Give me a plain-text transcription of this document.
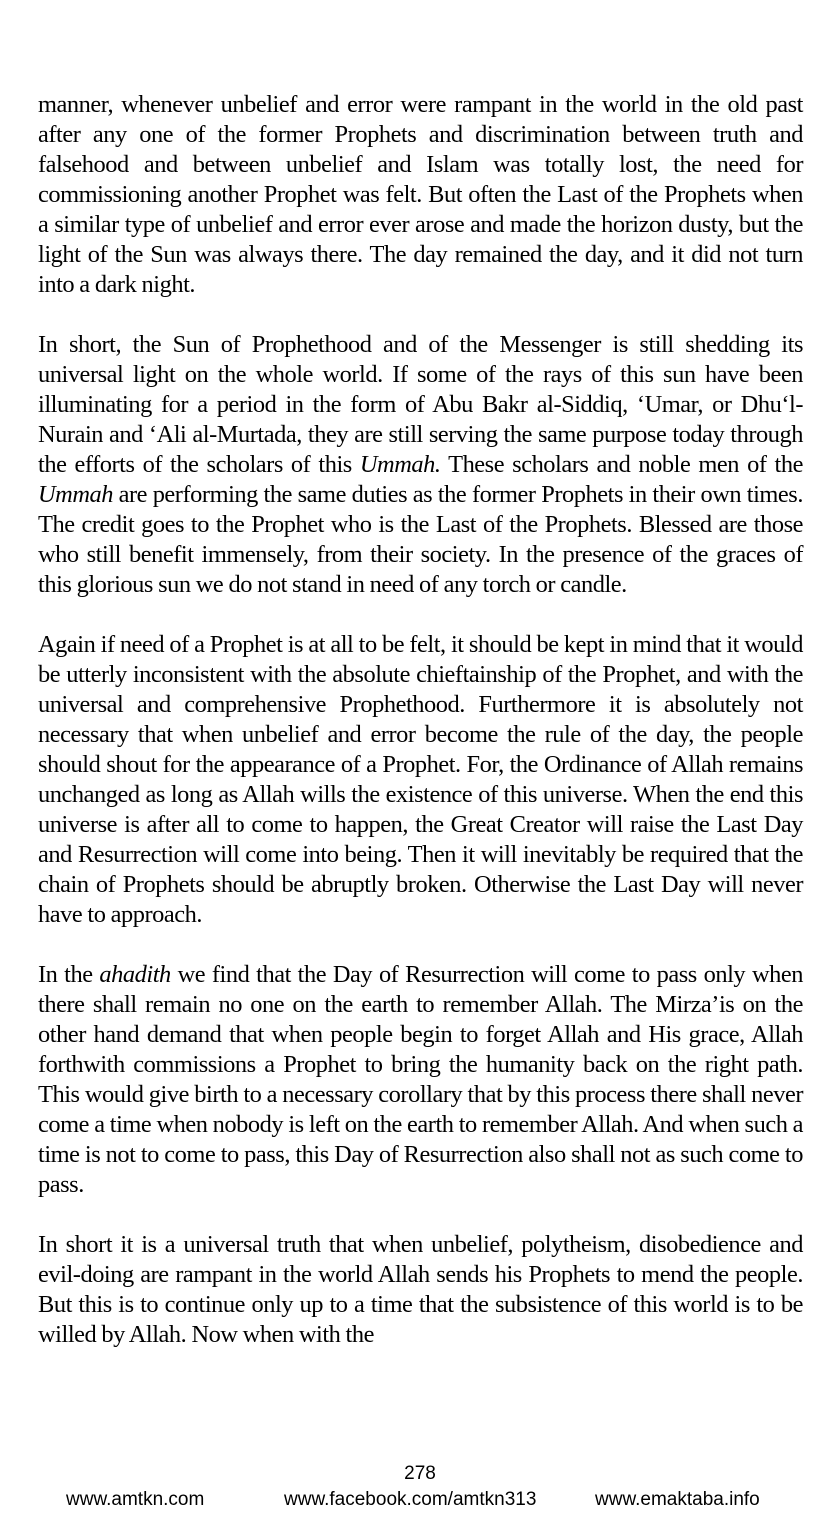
manner, whenever unbelief and error were rampant in the world in the old past after any one of the former Prophets and discrimination between truth and falsehood and between unbelief and Islam was totally lost, the need for commissioning another Prophet was felt. But often the Last of the Prophets when a similar type of unbelief and error ever arose and made the horizon dusty, but the light of the Sun was always there. The day remained the day, and it did not turn into a dark night.

In short, the Sun of Prophethood and of the Messenger is still shedding its universal light on the whole world. If some of the rays of this sun have been illuminating for a period in the form of Abu Bakr al-Siddiq, ‘Umar, or Dhu‘l-Nurain and ‘Ali al-Murtada, they are still serving the same purpose today through the efforts of the scholars of this Ummah. These scholars and noble men of the Ummah are performing the same duties as the former Prophets in their own times. The credit goes to the Prophet who is the Last of the Prophets. Blessed are those who still benefit immensely, from their society. In the presence of the graces of this glorious sun we do not stand in need of any torch or candle.

Again if need of a Prophet is at all to be felt, it should be kept in mind that it would be utterly inconsistent with the absolute chieftainship of the Prophet, and with the universal and comprehensive Prophethood. Furthermore it is absolutely not necessary that when unbelief and error become the rule of the day, the people should shout for the appearance of a Prophet. For, the Ordinance of Allah remains unchanged as long as Allah wills the existence of this universe. When the end this universe is after all to come to happen, the Great Creator will raise the Last Day and Resurrection will come into being. Then it will inevitably be required that the chain of Prophets should be abruptly broken. Otherwise the Last Day will never have to approach.

In the ahadith we find that the Day of Resurrection will come to pass only when there shall remain no one on the earth to remember Allah. The Mirza’is on the other hand demand that when people begin to forget Allah and His grace, Allah forthwith commissions a Prophet to bring the humanity back on the right path. This would give birth to a necessary corollary that by this process there shall never come a time when nobody is left on the earth to remember Allah. And when such a time is not to come to pass, this Day of Resurrection also shall not as such come to pass.

In short it is a universal truth that when unbelief, polytheism, disobedience and evil-doing are rampant in the world Allah sends his Prophets to mend the people. But this is to continue only up to a time that the subsistence of this world is to be willed by Allah. Now when with the

278
www.amtkn.com	www.facebook.com/amtkn313	www.emaktaba.info
